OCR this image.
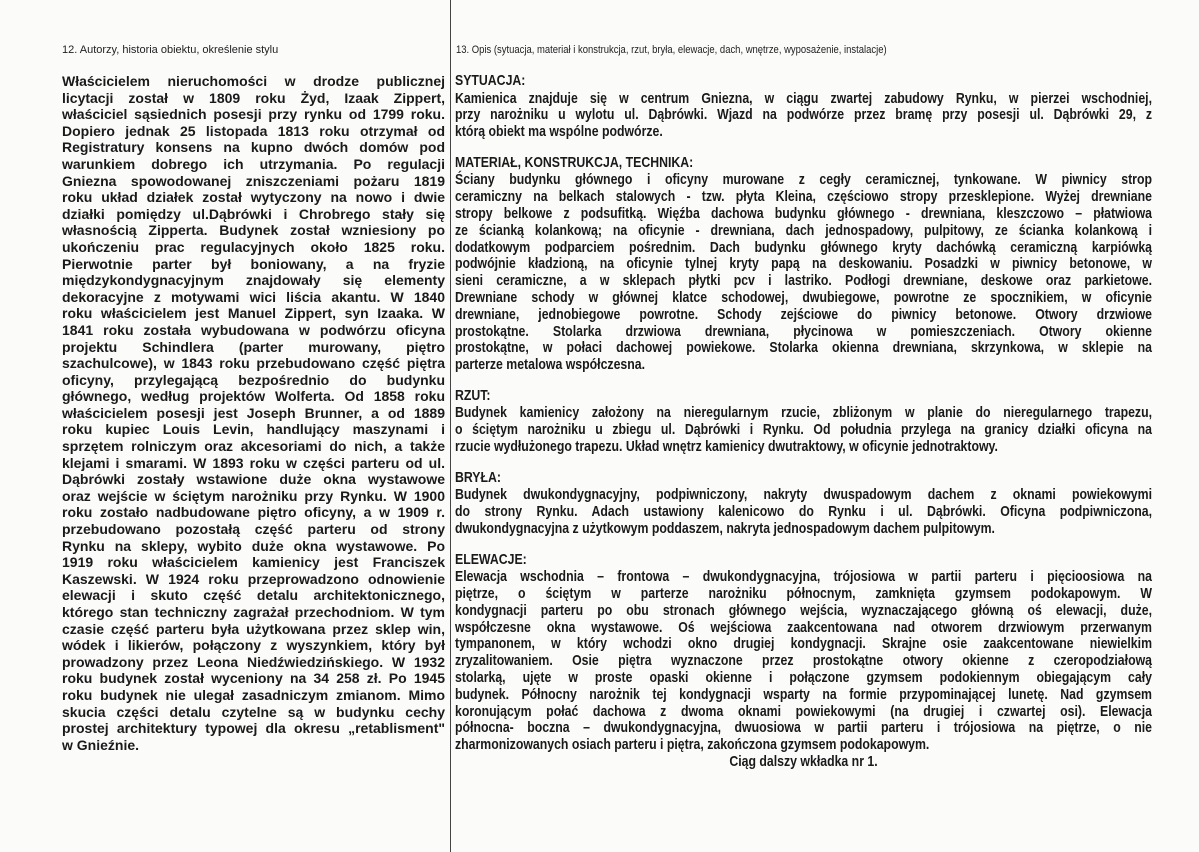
12. Autorzy, historia obiektu, określenie stylu	13. Opis (sytuacja, materiał i konstrukcja, rzut, bryła, elewacje, dach, wnętrze, wyposażenie, instalacje)
Właścicielem nieruchomości w drodze publicznej
licytacji został w 1809 roku Żyd, Izaak Zippert,
właściciel sąsiednich posesji przy rynku od 1799 roku.
Dopiero jednak 25 listopada 1813 roku otrzymał od
Registratury konsens na kupno dwóch domów pod
warunkiem dobrego ich utrzymania. Po regulacji
Gniezna spowodowanej zniszczeniami pożaru 1819
roku układ działek został wytyczony na nowo i dwie
działki pomiędzy ul.Dąbrówki i Chrobrego stały się
własnością Zipperta. Budynek został wzniesiony po
ukończeniu prac regulacyjnych około 1825 roku.
Pierwotnie parter był boniowany, a na fryzie
międzykondygnacyjnym znajdowały się elementy
dekoracyjne z motywami wici liścia akantu. W 1840
roku właścicielem jest Manuel Zippert, syn Izaaka. W
1841 roku została wybudowana w podwórzu oficyna
projektu Schindlera (parter murowany, piętro
szachulcowe), w 1843 roku przebudowano część piętra
oficyny, przylegającą bezpośrednio do budynku
głównego, według projektów Wolferta. Od 1858 roku
właścicielem posesji jest Joseph Brunner, a od 1889
roku kupiec Louis Levin, handlujący maszynami i
sprzętem rolniczym oraz akcesoriami do nich, a także
klejami i smarami. W 1893 roku w części parteru od ul.
Dąbrówki zostały wstawione duże okna wystawowe
oraz wejście w ściętym narożniku przy Rynku. W 1900
roku zostało nadbudowane piętro oficyny, a w 1909 r.
przebudowano pozostałą część parteru od strony
Rynku na sklepy, wybito duże okna wystawowe. Po
1919 roku właścicielem kamienicy jest Franciszek
Kaszewski. W 1924 roku przeprowadzono odnowienie
elewacji i skuto część detalu architektonicznego,
którego stan techniczny zagrażał przechodniom. W tym
czasie część parteru była użytkowana przez sklep win,
wódek i likierów, połączony z wyszynkiem, który był
prowadzony przez Leona Niedźwiedzińskiego. W 1932
roku budynek został wyceniony na 34 258 zł. Po 1945
roku budynek nie ulegał zasadniczym zmianom. Mimo
skucia części detalu czytelne są w budynku cechy
prostej architektury typowej dla okresu „retablisment"
w Gnieźnie.
SYTUACJA:
Kamienica znajduje się w centrum Gniezna, w ciągu zwartej zabudowy Rynku, w pierzei wschodniej,
przy narożniku u wylotu ul. Dąbrówki. Wjazd na podwórze przez bramę przy posesji ul. Dąbrówki 29, z
którą obiekt ma wspólne podwórze.
MATERIAŁ, KONSTRUKCJA, TECHNIKA:
Ściany budynku głównego i oficyny murowane z cegły ceramicznej, tynkowane. W piwnicy strop
ceramiczny na belkach stalowych - tzw. płyta Kleina, częściowo stropy przesklepione. Wyżej drewniane
stropy belkowe z podsufitką. Więźba dachowa budynku głównego - drewniana, kleszczowo – płatwiowa
ze ścianką kolankową; na oficynie - drewniana, dach jednospadowy, pulpitowy, ze ścianka kolankową i
dodatkowym podparciem pośrednim. Dach budynku głównego kryty dachówką ceramiczną karpiówką
podwójnie kładzioną, na oficynie tylnej kryty papą na deskowaniu. Posadzki w piwnicy betonowe, w
sieni ceramiczne, a w sklepach płytki pcv i lastriko. Podłogi drewniane, deskowe oraz parkietowe.
Drewniane schody w głównej klatce schodowej, dwubiegowe, powrotne ze spocznikiem, w oficynie
drewniane, jednobiegowe powrotne. Schody zejściowe do piwnicy betonowe. Otwory drzwiowe
prostokątne. Stolarka drzwiowa drewniana, płycinowa w pomieszczeniach. Otwory okienne
prostokątne, w połaci dachowej powiekowe. Stolarka okienna drewniana, skrzynkowa, w sklepie na
parterze metalowa współczesna.
RZUT:
Budynek kamienicy założony na nieregularnym rzucie, zbliżonym w planie do nieregularnego trapezu,
o ściętym narożniku u zbiegu ul. Dąbrówki i Rynku. Od południa przylega na granicy działki oficyna na
rzucie wydłużonego trapezu. Układ wnętrz kamienicy dwutraktowy, w oficynie jednotraktowy.
BRYŁA:
Budynek dwukondygnacyjny, podpiwniczony, nakryty dwuspadowym dachem z oknami powiekowymi
do strony Rynku. Adach ustawiony kalenicowo do Rynku i ul. Dąbrówki. Oficyna podpiwniczona,
dwukondygnacyjna z użytkowym poddaszem, nakryta jednospadowym dachem pulpitowym.
ELEWACJE:
Elewacja wschodnia – frontowa – dwukondygnacyjna, trójosiowa w partii parteru i pięcioosiowa na
piętrze, o ściętym w parterze narożniku północnym, zamknięta gzymsem podokapowym. W
kondygnacji parteru po obu stronach głównego wejścia, wyznaczającego główną oś elewacji, duże,
współczesne okna wystawowe. Oś wejściowa zaakcentowana nad otworem drzwiowym przerwanym
tympanonem, w który wchodzi okno drugiej kondygnacji. Skrajne osie zaakcentowane niewielkim
zryzalitowaniem. Osie piętra wyznaczone przez prostokątne otwory okienne z czeropodziałową
stolarką, ujęte w proste opaski okienne i połączone gzymsem podokiennym obiegającym cały
budynek. Północny narożnik tej kondygnacji wsparty na formie przypominającej lunetę. Nad gzymsem
koronującym połać dachowa z dwoma oknami powiekowymi (na drugiej i czwartej osi). Elewacja
północna- boczna – dwukondygnacyjna, dwuosiowa w partii parteru i trójosiowa na piętrze, o nie
zharmonizowanych osiach parteru i piętra, zakończona gzymsem podokapowym.
Ciąg dalszy wkładka nr 1.
